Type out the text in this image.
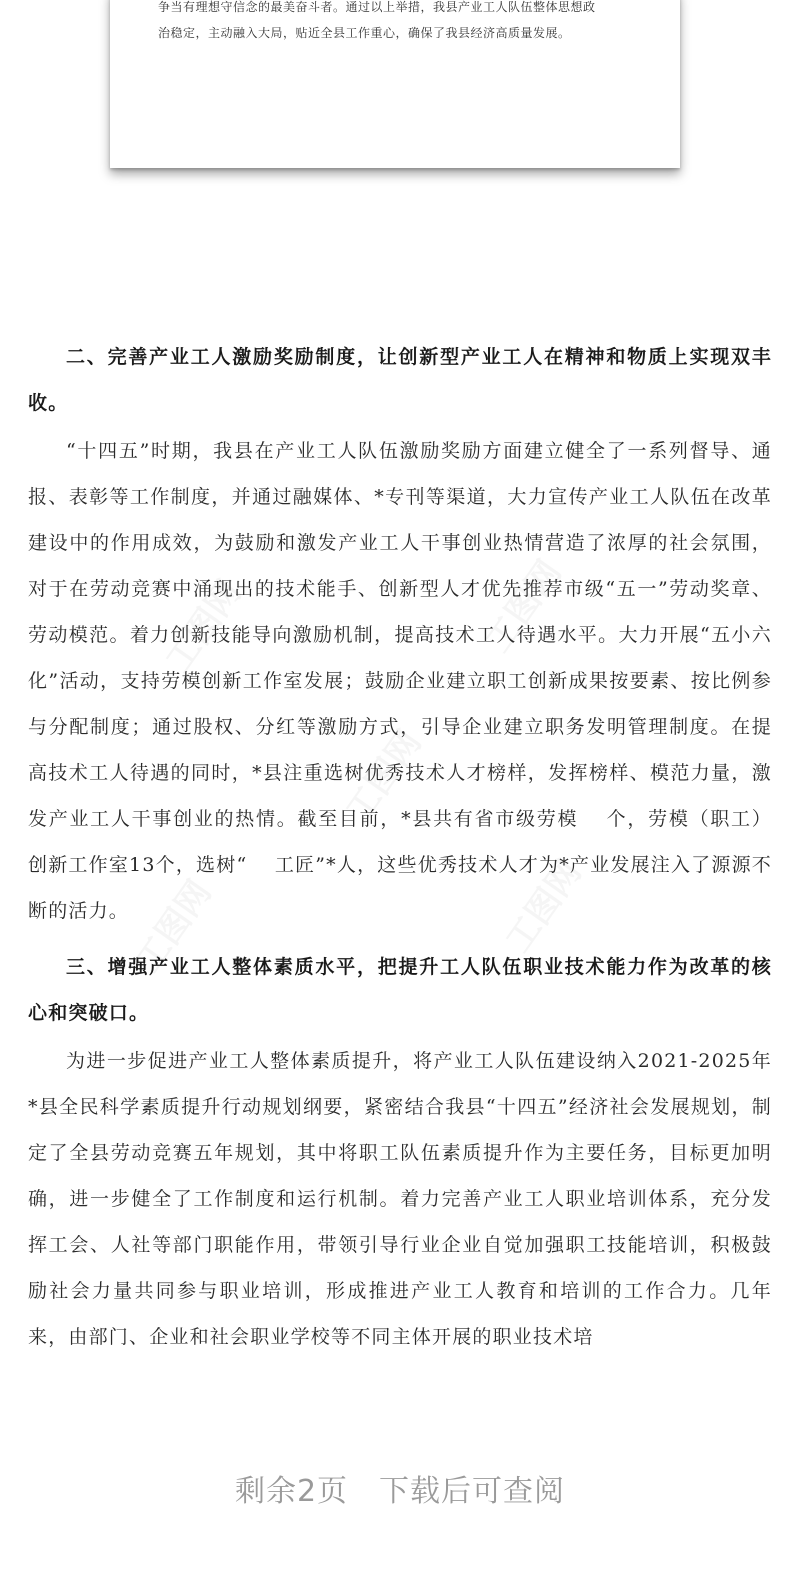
工图网	工图网
工图网
工图网	工图网
争当有理想守信念的最美奋斗者。通过以上举措，我县产业工人队伍整体思想政
治稳定，主动融入大局，贴近全县工作重心，确保了我县经济高质量发展。

二、完善产业工人激励奖励制度，让创新型产业工人在精神和物质上实现双丰收。

“十四五”时期，我县在产业工人队伍激励奖励方面建立健全了一系列督导、通报、表彰等工作制度，并通过融媒体、*专刊等渠道，大力宣传产业工人队伍在改革建设中的作用成效，为鼓励和激发产业工人干事创业热情营造了浓厚的社会氛围，对于在劳动竞赛中涌现出的技术能手、创新型人才优先推荐市级“五一”劳动奖章、劳动模范。着力创新技能导向激励机制，提高技术工人待遇水平。大力开展“五小六化”活动，支持劳模创新工作室发展；鼓励企业建立职工创新成果按要素、按比例参与分配制度；通过股权、分红等激励方式，引导企业建立职务发明管理制度。在提高技术工人待遇的同时，*县注重选树优秀技术人才榜样，发挥榜样、模范力量，激发产业工人干事创业的热情。截至目前，*县共有省市级劳模　 个，劳模（职工）创新工作室13个，选树“　 工匠”*人，这些优秀技术人才为*产业发展注入了源源不断的活力。

三、增强产业工人整体素质水平，把提升工人队伍职业技术能力作为改革的核心和突破口。

为进一步促进产业工人整体素质提升，将产业工人队伍建设纳入2021-2025年*县全民科学素质提升行动规划纲要，紧密结合我县“十四五”经济社会发展规划，制定了全县劳动竞赛五年规划，其中将职工队伍素质提升作为主要任务，目标更加明确，进一步健全了工作制度和运行机制。着力完善产业工人职业培训体系，充分发挥工会、人社等部门职能作用，带领引导行业企业自觉加强职工技能培训，积极鼓励社会力量共同参与职业培训，形成推进产业工人教育和培训的工作合力。几年来，由部门、企业和社会职业学校等不同主体开展的职业技术培

剩余2页　下载后可查阅
